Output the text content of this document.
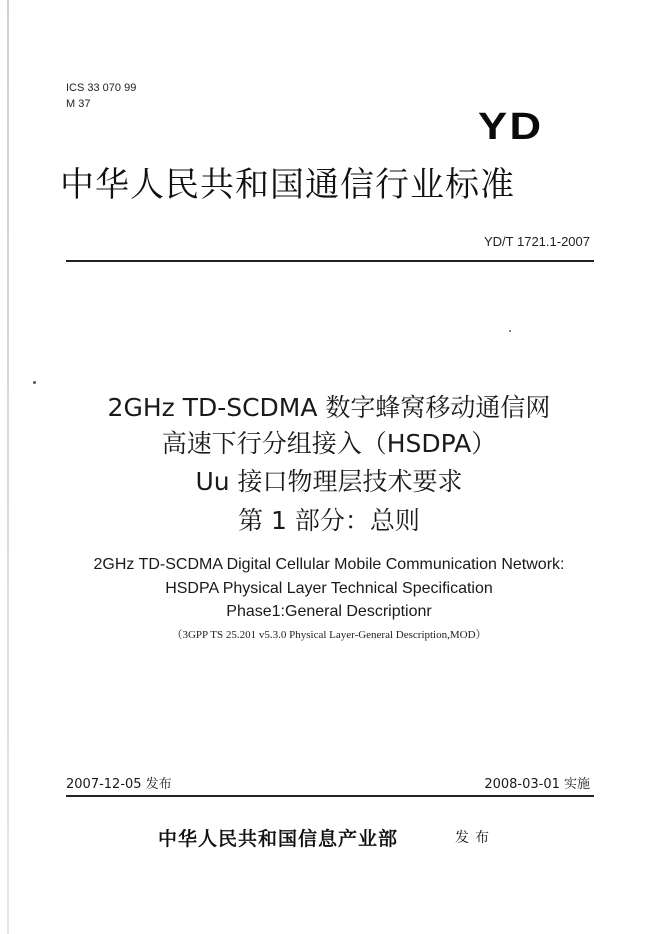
ICS 33 070 99
M 37
YD
中华人民共和国通信行业标准
YD/T 1721.1-2007
2GHz TD-SCDMA 数字蜂窝移动通信网
高速下行分组接入（HSDPA）
Uu 接口物理层技术要求
第 1 部分：总则
2GHz TD-SCDMA Digital Cellular Mobile Communication Network:
HSDPA Physical Layer Technical Specification
Phase1:General Descriptionr
（3GPP TS 25.201 v5.3.0 Physical Layer-General Description,MOD）
2007-12-05 发布	2008-03-01 实施
中华人民共和国信息产业部	发布
